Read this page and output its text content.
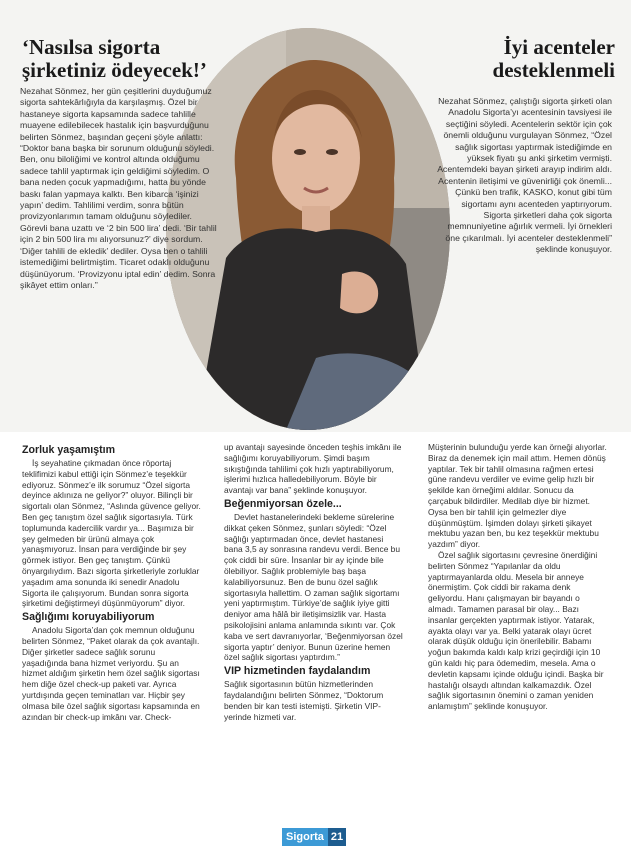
‘Nasılsa sigorta şirketiniz ödeyecek!’

Nezahat Sönmez, her gün çeşitlerini duyduğumuz sigorta sahtekârlığıyla da karşılaşmış. Özel bir hastaneye sigorta kapsamında sadece tahlille muayene edilebilecek hastalık için başvurduğunu belirten Sönmez, başından geçeni şöyle anlattı: “Doktor bana başka bir sorunum olduğunu söyledi. Ben, onu biloliğimi ve kontrol altında olduğumu sadece tahlil yaptırmak için geldiğimi söyledim. O bana neden çocuk yapmadığımı, hatta bu yönde baskı falan yapmaya kalktı. Ben kibarca ‘işinizi yapın’ dedim. Tahlilimi verdim, sonra bütün provizyonlarımın tamam olduğunu söylediler. Görevli bana uzattı ve ‘2 bin 500 lira’ dedi. ‘Bir tahlil için 2 bin 500 lira mı alıyorsunuz?’ diye sordum. ‘Diğer tahlili de ekledik’ dediler. Oysa ben o tahlili istemediğimi belirtmiştim. Ticaret odaklı olduğunu düşünüyorum. ‘Provizyonu iptal edin’ dedim. Sonra şikâyet ettim onları.”

İyi acenteler desteklenmeli

Nezahat Sönmez, çalıştığı sigorta şirketi olan Anadolu Sigorta’yı acentesinin tavsiyesi ile seçtiğini söyledi. Acentelerin sektör için çok önemli olduğunu vurgulayan Sönmez, “Özel sağlık sigortası yaptırmak istediğimde en yüksek fiyatı şu anki şirketim vermişti. Acentemdeki bayan şirketi arayıp indirim aldı. Acentenin iletişimi ve güvenirliği çok önemli... Çünkü ben trafik, KASKO, konut gibi tüm sigortamı aynı acenteden yaptırıyorum. Sigorta şirketleri daha çok sigorta memnuniyetine ağırlık vermeli. İyi örnekleri öne çıkarılmalı. İyi acenteler desteklenmeli” şeklinde konuşuyor.

Zorluk yaşamıştım

İş seyahatine çıkmadan önce röportaj teklifimizi kabul ettiği için Sönmez’e teşekkür ediyoruz. Sönmez’e ilk sorumuz “Özel sigorta deyince aklınıza ne geliyor?” oluyor. Bilinçli bir sigortalı olan Sönmez, “Aslında güvence geliyor. Ben geç tanıştım özel sağlık sigortasıyla. Türk toplumunda kadercilik vardır ya... Başımıza bir şey gelmeden bir ürünü almaya çok yanaşmıyoruz. İnsan para verdiğinde bir şey görmek istiyor. Ben geç tanıştım. Çünkü önyargılıydım. Bazı sigorta şirketleriyle zorluklar yaşadım ama sonunda iki senedir Anadolu Sigorta ile çalışıyorum. Bundan sonra sigorta şirketimi değiştirmeyi düşünmüyorum” diyor.

Sağlığımı koruyabiliyorum

Anadolu Sigorta’dan çok memnun olduğunu belirten Sönmez, “Paket olarak da çok avantajlı. Diğer şirketler sadece sağlık sorunu yaşadığında bana hizmet veriyordu. Şu an hizmet aldığım şirketin hem özel sağlık sigortası hem diğe özel check-up paketi var. Ayrıca yurtdışında geçen teminatları var. Hiçbir şey olmasa bile özel sağlık sigortası kapsamında en azından bir check-up imkânı var. Check-

up avantajı sayesinde önceden teşhis imkânı ile sağlığımı koruyabiliyorum. Şimdi başım sıkıştığında tahlilimi çok hızlı yaptırabiliyorum, işlerimi hızlıca halledebiliyorum. Böyle bir avantajı var bana” şeklinde konuşuyor.

Beğenmiyorsan özele...

Devlet hastanelerindeki bekleme sürelerine dikkat çeken Sönmez, şunları söyledi: “Özel sağlığı yaptırmadan önce, devlet hastanesi bana 3,5 ay sonrasına randevu verdi. Bence bu çok ciddi bir süre. İnsanlar bir ay içinde bile ölebiliyor. Sağlık problemiyle baş başa kalabiliyorsunuz. Ben de bunu özel sağlık sigortasıyla hallettim. O zaman sağlık sigortamı yeni yaptırmıştım. Türkiye’de sağlık iyiye gitti deniyor ama hâlâ bir iletişimsizlik var. Hasta psikolojisini anlama anlamında sıkıntı var. Çok kaba ve sert davranıyorlar, ‘Beğenmiyorsan özel sigorta yaptır’ deniyor. Bunun üzerine hemen özel sağlık sigortası yaptırdım.”

VIP hizmetinden faydalandım

Sağlık sigortasının bütün hizmetlerinden faydalandığını belirten Sönmez, “Doktorum benden bir kan testi istemişti. Şirketin VIP-yerinde hizmeti var.

Müşterinin bulunduğu yerde kan örneği alıyorlar. Biraz da denemek için mail attım. Hemen dönüş yaptılar. Tek bir tahlil olmasına rağmen ertesi güne randevu verdiler ve evime gelip hızlı bir şekilde kan örneğimi aldılar. Sonucu da çarçabuk bildirdiler. Medilab diye bir hizmet. Oysa ben bir tahlil için gelmezler diye düşünmüştüm. İşimden dolayı şirketi şikayet mektubu yazan ben, bu kez teşekkür mektubu yazdım” diyor.

Özel sağlık sigortasını çevresine önerdiğini belirten Sönmez “Yapılanlar da oldu yaptırmayanlarda oldu. Mesela bir anneye önermiştim. Çok ciddi bir rakama denk geliyordu. Hanı çalışmayan bir bayandı o almadı. Tamamen parasal bir olay... Bazı insanlar gerçekten yaptırmak istiyor. Yatarak, ayakta olayı var ya. Belki yatarak olayı ücret olarak düşük olduğu için önerilebilir. Babamı yoğun bakımda kaldı kalp krizi geçirdiği için 10 gün kaldı hiç para ödemedim, mesela. Ama o devletin kapsamı içinde olduğu içindi. Başka bir hastalığı olsaydı altından kalkamazdık. Özel sağlık sigortasının önemini o zaman yeniden anlamıştım” şeklinde konuşuyor.

Sigorta 21
